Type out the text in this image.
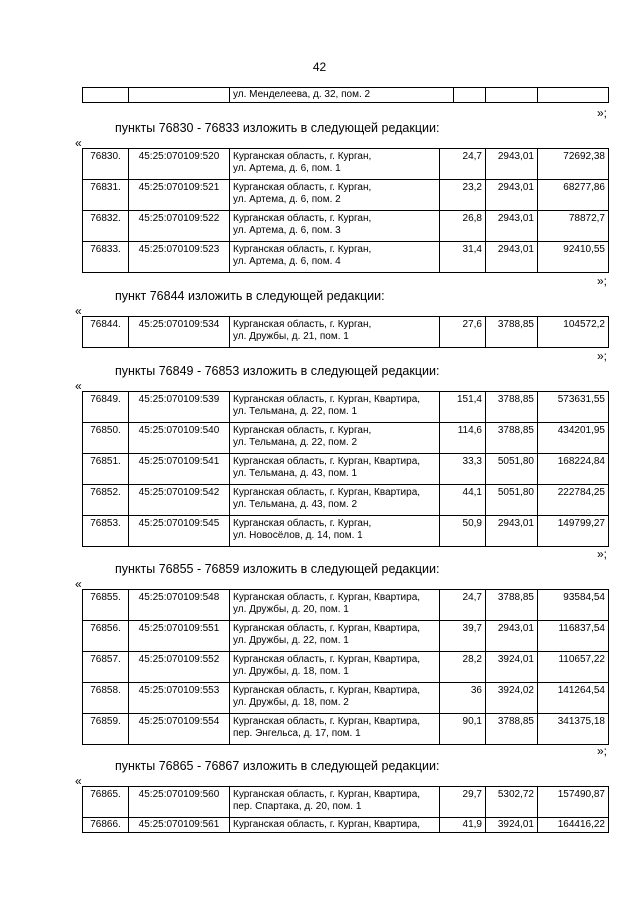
42
		ул. Менделеева, д. 32, пом. 2			
»;
пункты 76830 - 76833 изложить в следующей редакции:
«
76830.	45:25:070109:520	Курганская область, г. Курган,
ул. Артема, д. 6, пом. 1	24,7	2943,01	72692,38
76831.	45:25:070109:521	Курганская область, г. Курган,
ул. Артема, д. 6, пом. 2	23,2	2943,01	68277,86
76832.	45:25:070109:522	Курганская область, г. Курган,
ул. Артема, д. 6, пом. 3	26,8	2943,01	78872,7
76833.	45:25:070109:523	Курганская область, г. Курган,
ул. Артема, д. 6, пом. 4	31,4	2943,01	92410,55
»;
пункт 76844 изложить в следующей редакции:
«
76844.	45:25:070109:534	Курганская область, г. Курган,
ул. Дружбы, д. 21, пом. 1
	27,6	3788,85	104572,2
»;
пункты 76849 - 76853 изложить в следующей редакции:
«
76849.	45:25:070109:539	Курганская область, г. Курган, Квартира,
ул. Тельмана, д. 22, пом. 1	151,4	3788,85	573631,55
76850.	45:25:070109:540	Курганская область, г. Курган,
ул. Тельмана, д. 22, пом. 2	114,6	3788,85	434201,95
76851.	45:25:070109:541	Курганская область, г. Курган, Квартира,
ул. Тельмана, д. 43, пом. 1	33,3	5051,80	168224,84
76852.	45:25:070109:542	Курганская область, г. Курган, Квартира,
ул. Тельмана, д. 43, пом. 2	44,1	5051,80	222784,25
76853.	45:25:070109:545	Курганская область, г. Курган,
ул. Новосёлов, д. 14, пом. 1	50,9	2943,01	149799,27
»;
пункты 76855 - 76859 изложить в следующей редакции:
«
76855.	45:25:070109:548	Курганская область, г. Курган, Квартира,
ул. Дружбы, д. 20, пом. 1	24,7	3788,85	93584,54
76856.	45:25:070109:551	Курганская область, г. Курган, Квартира,
ул. Дружбы, д. 22, пом. 1	39,7	2943,01	116837,54
76857.	45:25:070109:552	Курганская область, г. Курган, Квартира,
ул. Дружбы, д. 18, пом. 1	28,2	3924,01	110657,22
76858.	45:25:070109:553	Курганская область, г. Курган, Квартира,
ул. Дружбы, д. 18, пом. 2	36	3924,02	141264,54
76859.	45:25:070109:554	Курганская область, г. Курган, Квартира,
пер. Энгельса, д. 17, пом. 1	90,1	3788,85	341375,18
»;
пункты 76865 - 76867 изложить в следующей редакции:
«
76865.	45:25:070109:560	Курганская область, г. Курган, Квартира,
пер. Спартака, д. 20, пом. 1	29,7	5302,72	157490,87
76866.	45:25:070109:561	Курганская область, г. Курган, Квартира,	41,9	3924,01	164416,22
